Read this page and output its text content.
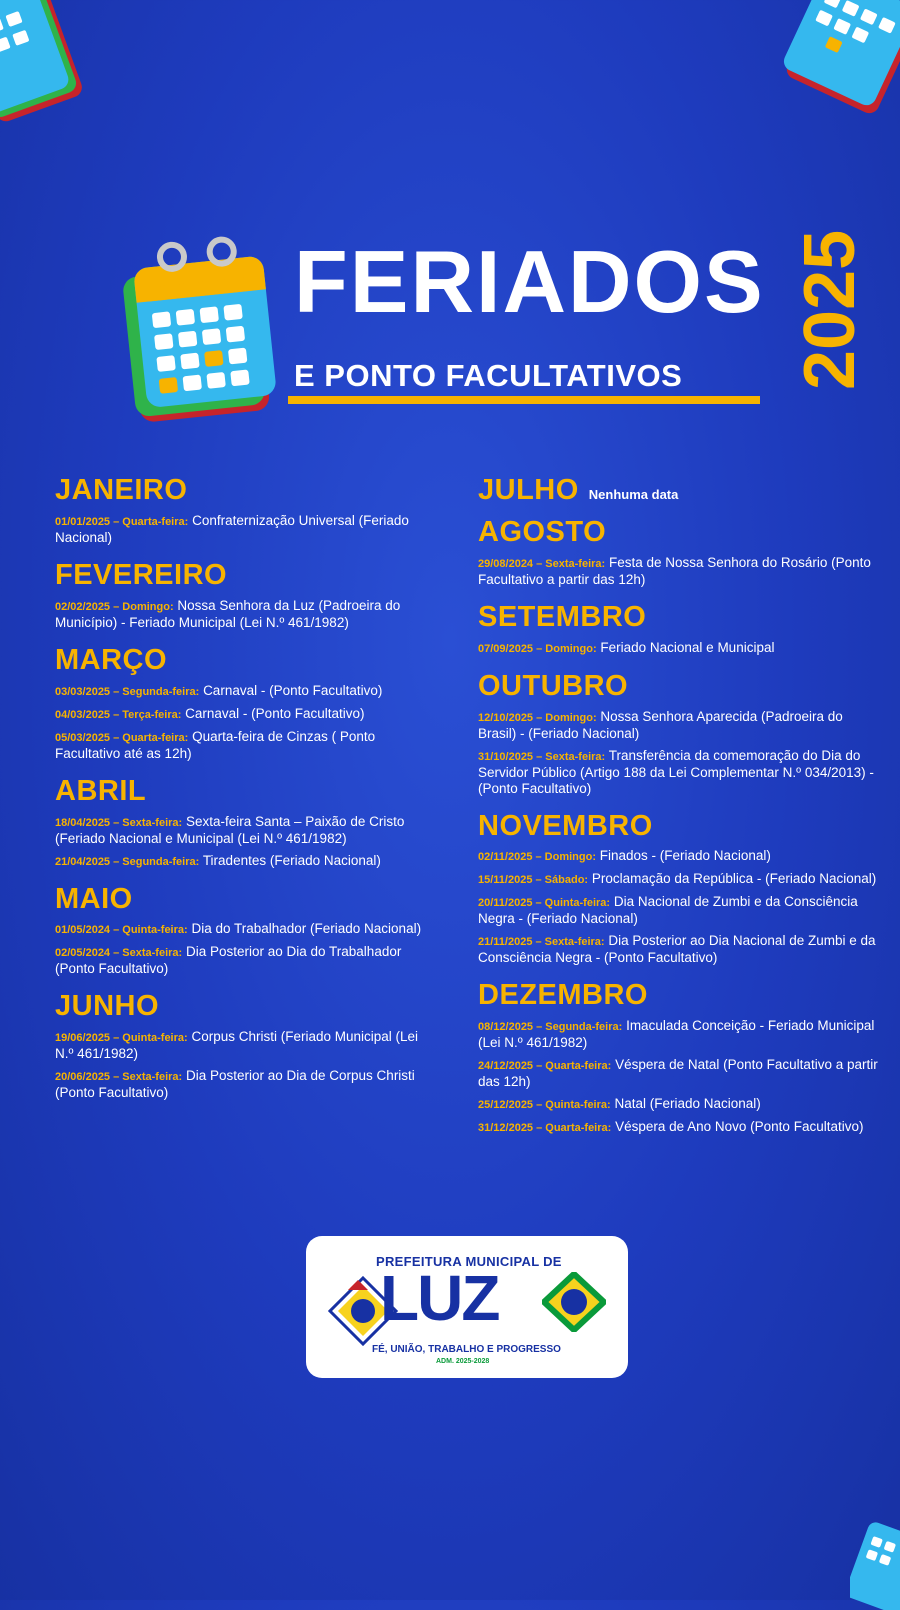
FERIADOS
E PONTO FACULTATIVOS 2025
JANEIRO
01/01/2025 – Quarta-feira: Confraternização Universal (Feriado Nacional)
FEVEREIRO
02/02/2025 – Domingo: Nossa Senhora da Luz (Padroeira do Município) - Feriado Municipal (Lei N.º 461/1982)
MARÇO
03/03/2025 – Segunda-feira: Carnaval - (Ponto Facultativo)
04/03/2025 – Terça-feira: Carnaval - (Ponto Facultativo)
05/03/2025 – Quarta-feira: Quarta-feira de Cinzas ( Ponto Facultativo até as 12h)
ABRIL
18/04/2025 – Sexta-feira: Sexta-feira Santa – Paixão de Cristo (Feriado Nacional e Municipal (Lei N.º 461/1982)
21/04/2025 – Segunda-feira: Tiradentes (Feriado Nacional)
MAIO
01/05/2024 – Quinta-feira: Dia do Trabalhador (Feriado Nacional)
02/05/2024 – Sexta-feira: Dia Posterior ao Dia do Trabalhador (Ponto Facultativo)
JUNHO
19/06/2025 – Quinta-feira: Corpus Christi (Feriado Municipal (Lei N.º 461/1982)
20/06/2025 – Sexta-feira: Dia Posterior ao Dia de Corpus Christi (Ponto Facultativo)
JULHO Nenhuma data
AGOSTO
29/08/2024 – Sexta-feira: Festa de Nossa Senhora do Rosário (Ponto Facultativo a partir das 12h)
SETEMBRO
07/09/2025 – Domingo: Feriado Nacional e Municipal
OUTUBRO
12/10/2025 – Domingo: Nossa Senhora Aparecida (Padroeira do Brasil) - (Feriado Nacional)
31/10/2025 – Sexta-feira: Transferência da comemoração do Dia do Servidor Público (Artigo 188 da Lei Complementar N.º 034/2013) - (Ponto Facultativo)
NOVEMBRO
02/11/2025 – Domingo: Finados - (Feriado Nacional)
15/11/2025 – Sábado: Proclamação da República - (Feriado Nacional)
20/11/2025 – Quinta-feira: Dia Nacional de Zumbi e da Consciência Negra - (Feriado Nacional)
21/11/2025 – Sexta-feira: Dia Posterior ao Dia Nacional de Zumbi e da Consciência Negra - (Ponto Facultativo)
DEZEMBRO
08/12/2025 – Segunda-feira: Imaculada Conceição - Feriado Municipal (Lei N.º 461/1982)
24/12/2025 – Quarta-feira: Véspera de Natal (Ponto Facultativo a partir das 12h)
25/12/2025 – Quinta-feira: Natal (Feriado Nacional)
31/12/2025 – Quarta-feira: Véspera de Ano Novo (Ponto Facultativo)
PREFEITURA MUNICIPAL DE
LUZ
FÉ, UNIÃO, TRABALHO E PROGRESSO
ADM. 2025-2028
